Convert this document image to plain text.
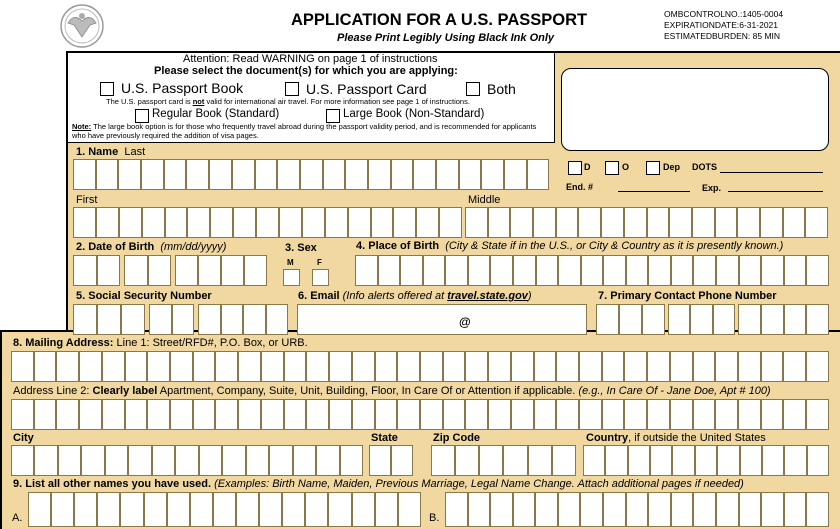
APPLICATION FOR A U.S. PASSPORT
Please Print Legibly Using Black Ink Only
OMBCONTROLNO.:1405-0004
EXPIRATIONDATE:6-31-2021
ESTIMATEDBURDEN: 85 MIN
Attention: Read WARNING on page 1 of instructions
Please select the document(s) for which you are applying:
U.S. Passport Book	U.S. Passport Card	Both
The U.S. passport card is not valid for international air travel. For more information see page 1 of instructions.
Regular Book (Standard)	Large Book (Non-Standard)
Note: The large book option is for those who frequently travel abroad during the passport validity period, and is recommended for applicants who have previously required the addition of visa pages.
1. Name Last
D	O	Dep DOTS
End. #	Exp.
First	Middle
2. Date of Birth (mm/dd/yyyy)	3. Sex
M	F
4. Place of Birth (City & State if in the U.S., or City & Country as it is presently known.)
5. Social Security Number	6. Email (Info alerts offered at travel.state.gov)
@
7. Primary Contact Phone Number
8. Mailing Address: Line 1: Street/RFD#, P.O. Box, or URB.
Address Line 2: Clearly label Apartment, Company, Suite, Unit, Building, Floor, In Care Of or Attention if applicable. (e.g., In Care Of - Jane Doe, Apt # 100)
City	State	Zip Code	Country, if outside the United States
9. List all other names you have used. (Examples: Birth Name, Maiden, Previous Marriage, Legal Name Change. Attach additional pages if needed)
A.	B.
